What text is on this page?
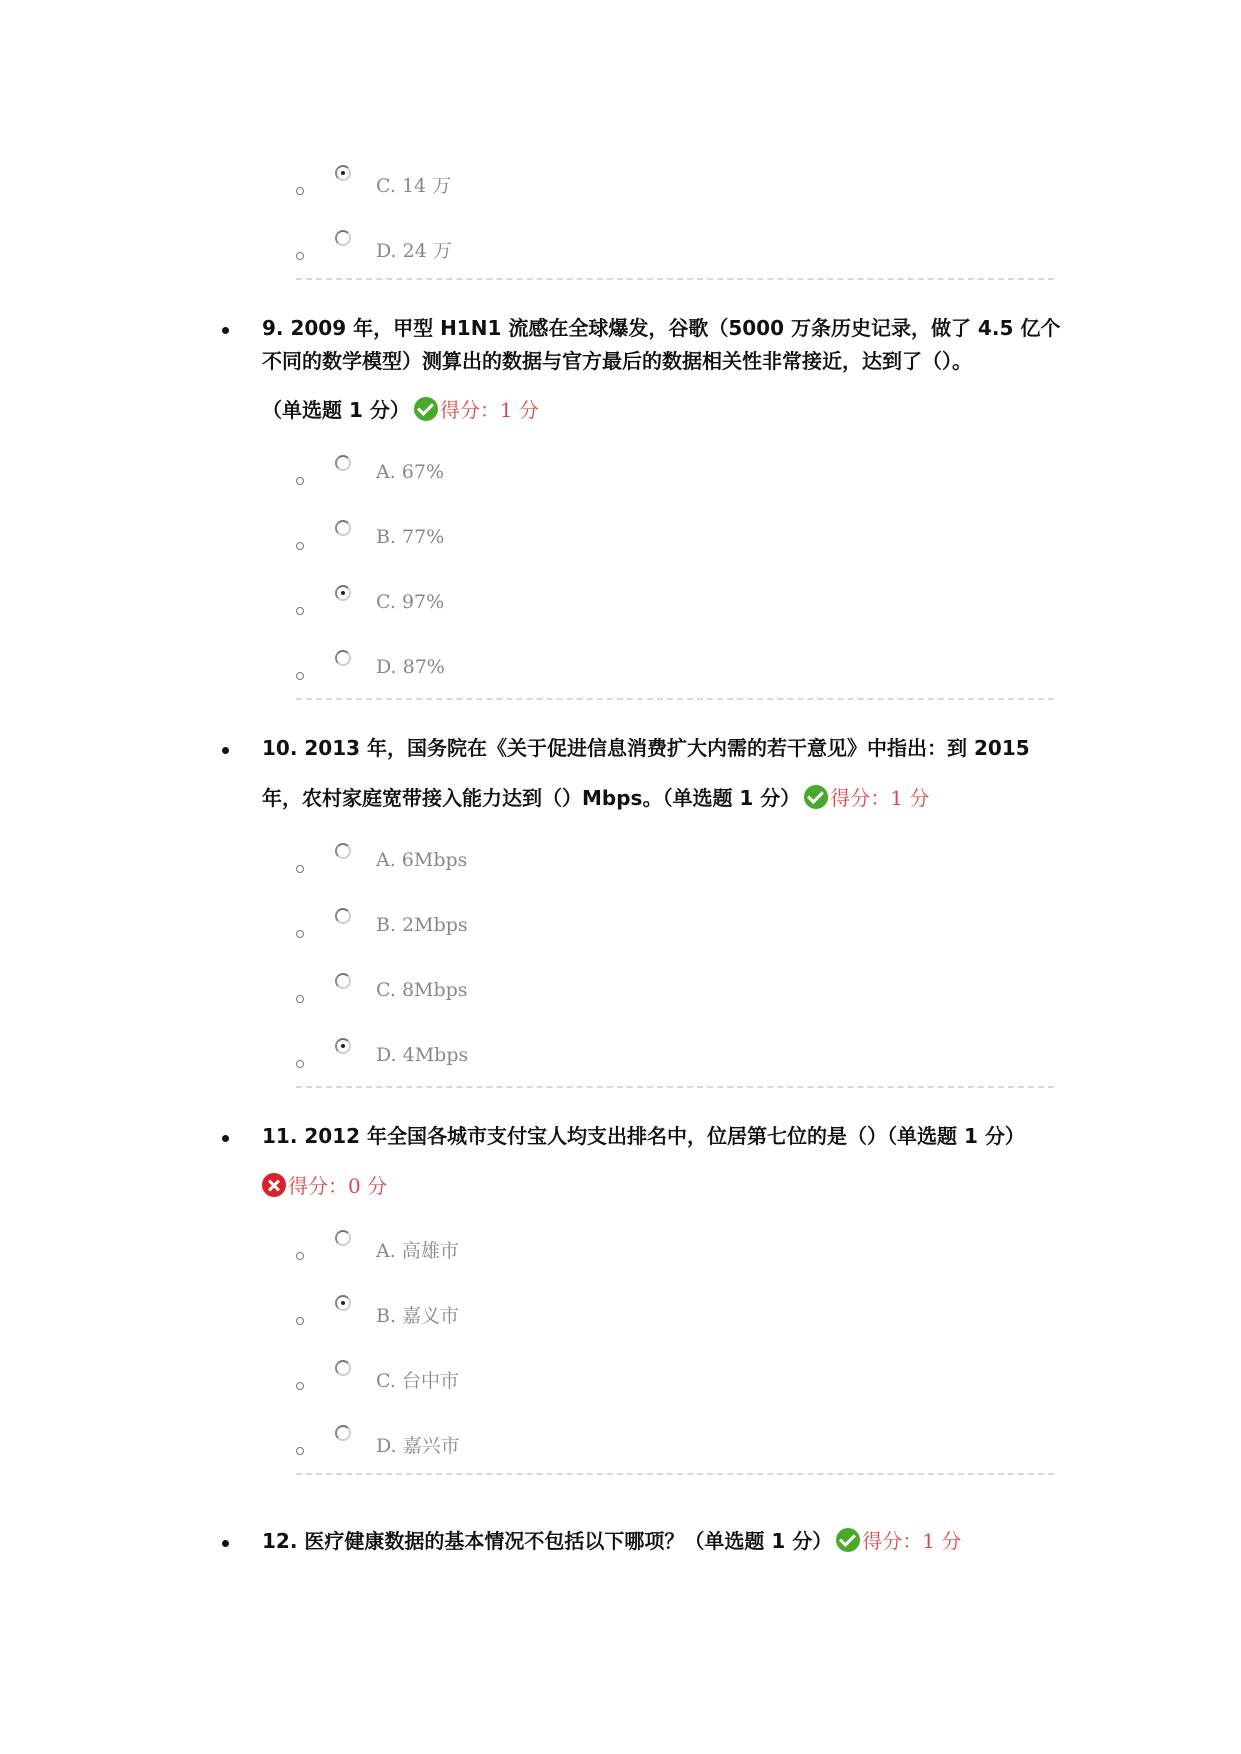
C. 14 万
D. 24 万
9. 2009 年，甲型 H1N1 流感在全球爆发，谷歌（5000 万条历史记录，做了 4.5 亿个
不同的数学模型）测算出的数据与官方最后的数据相关性非常接近，达到了（）。
（单选题 1 分） 得分：1 分
A. 67%
B. 77%
C. 97%
D. 87%
10. 2013 年，国务院在《关于促进信息消费扩大内需的若干意见》中指出：到 2015
年，农村家庭宽带接入能力达到（）Mbps。（单选题 1 分） 得分：1 分
A. 6Mbps
B. 2Mbps
C. 8Mbps
D. 4Mbps
11. 2012 年全国各城市支付宝人均支出排名中，位居第七位的是（）（单选题 1 分）
得分：0 分
A. 高雄市
B. 嘉义市
C. 台中市
D. 嘉兴市
12. 医疗健康数据的基本情况不包括以下哪项？（单选题 1 分） 得分：1 分
